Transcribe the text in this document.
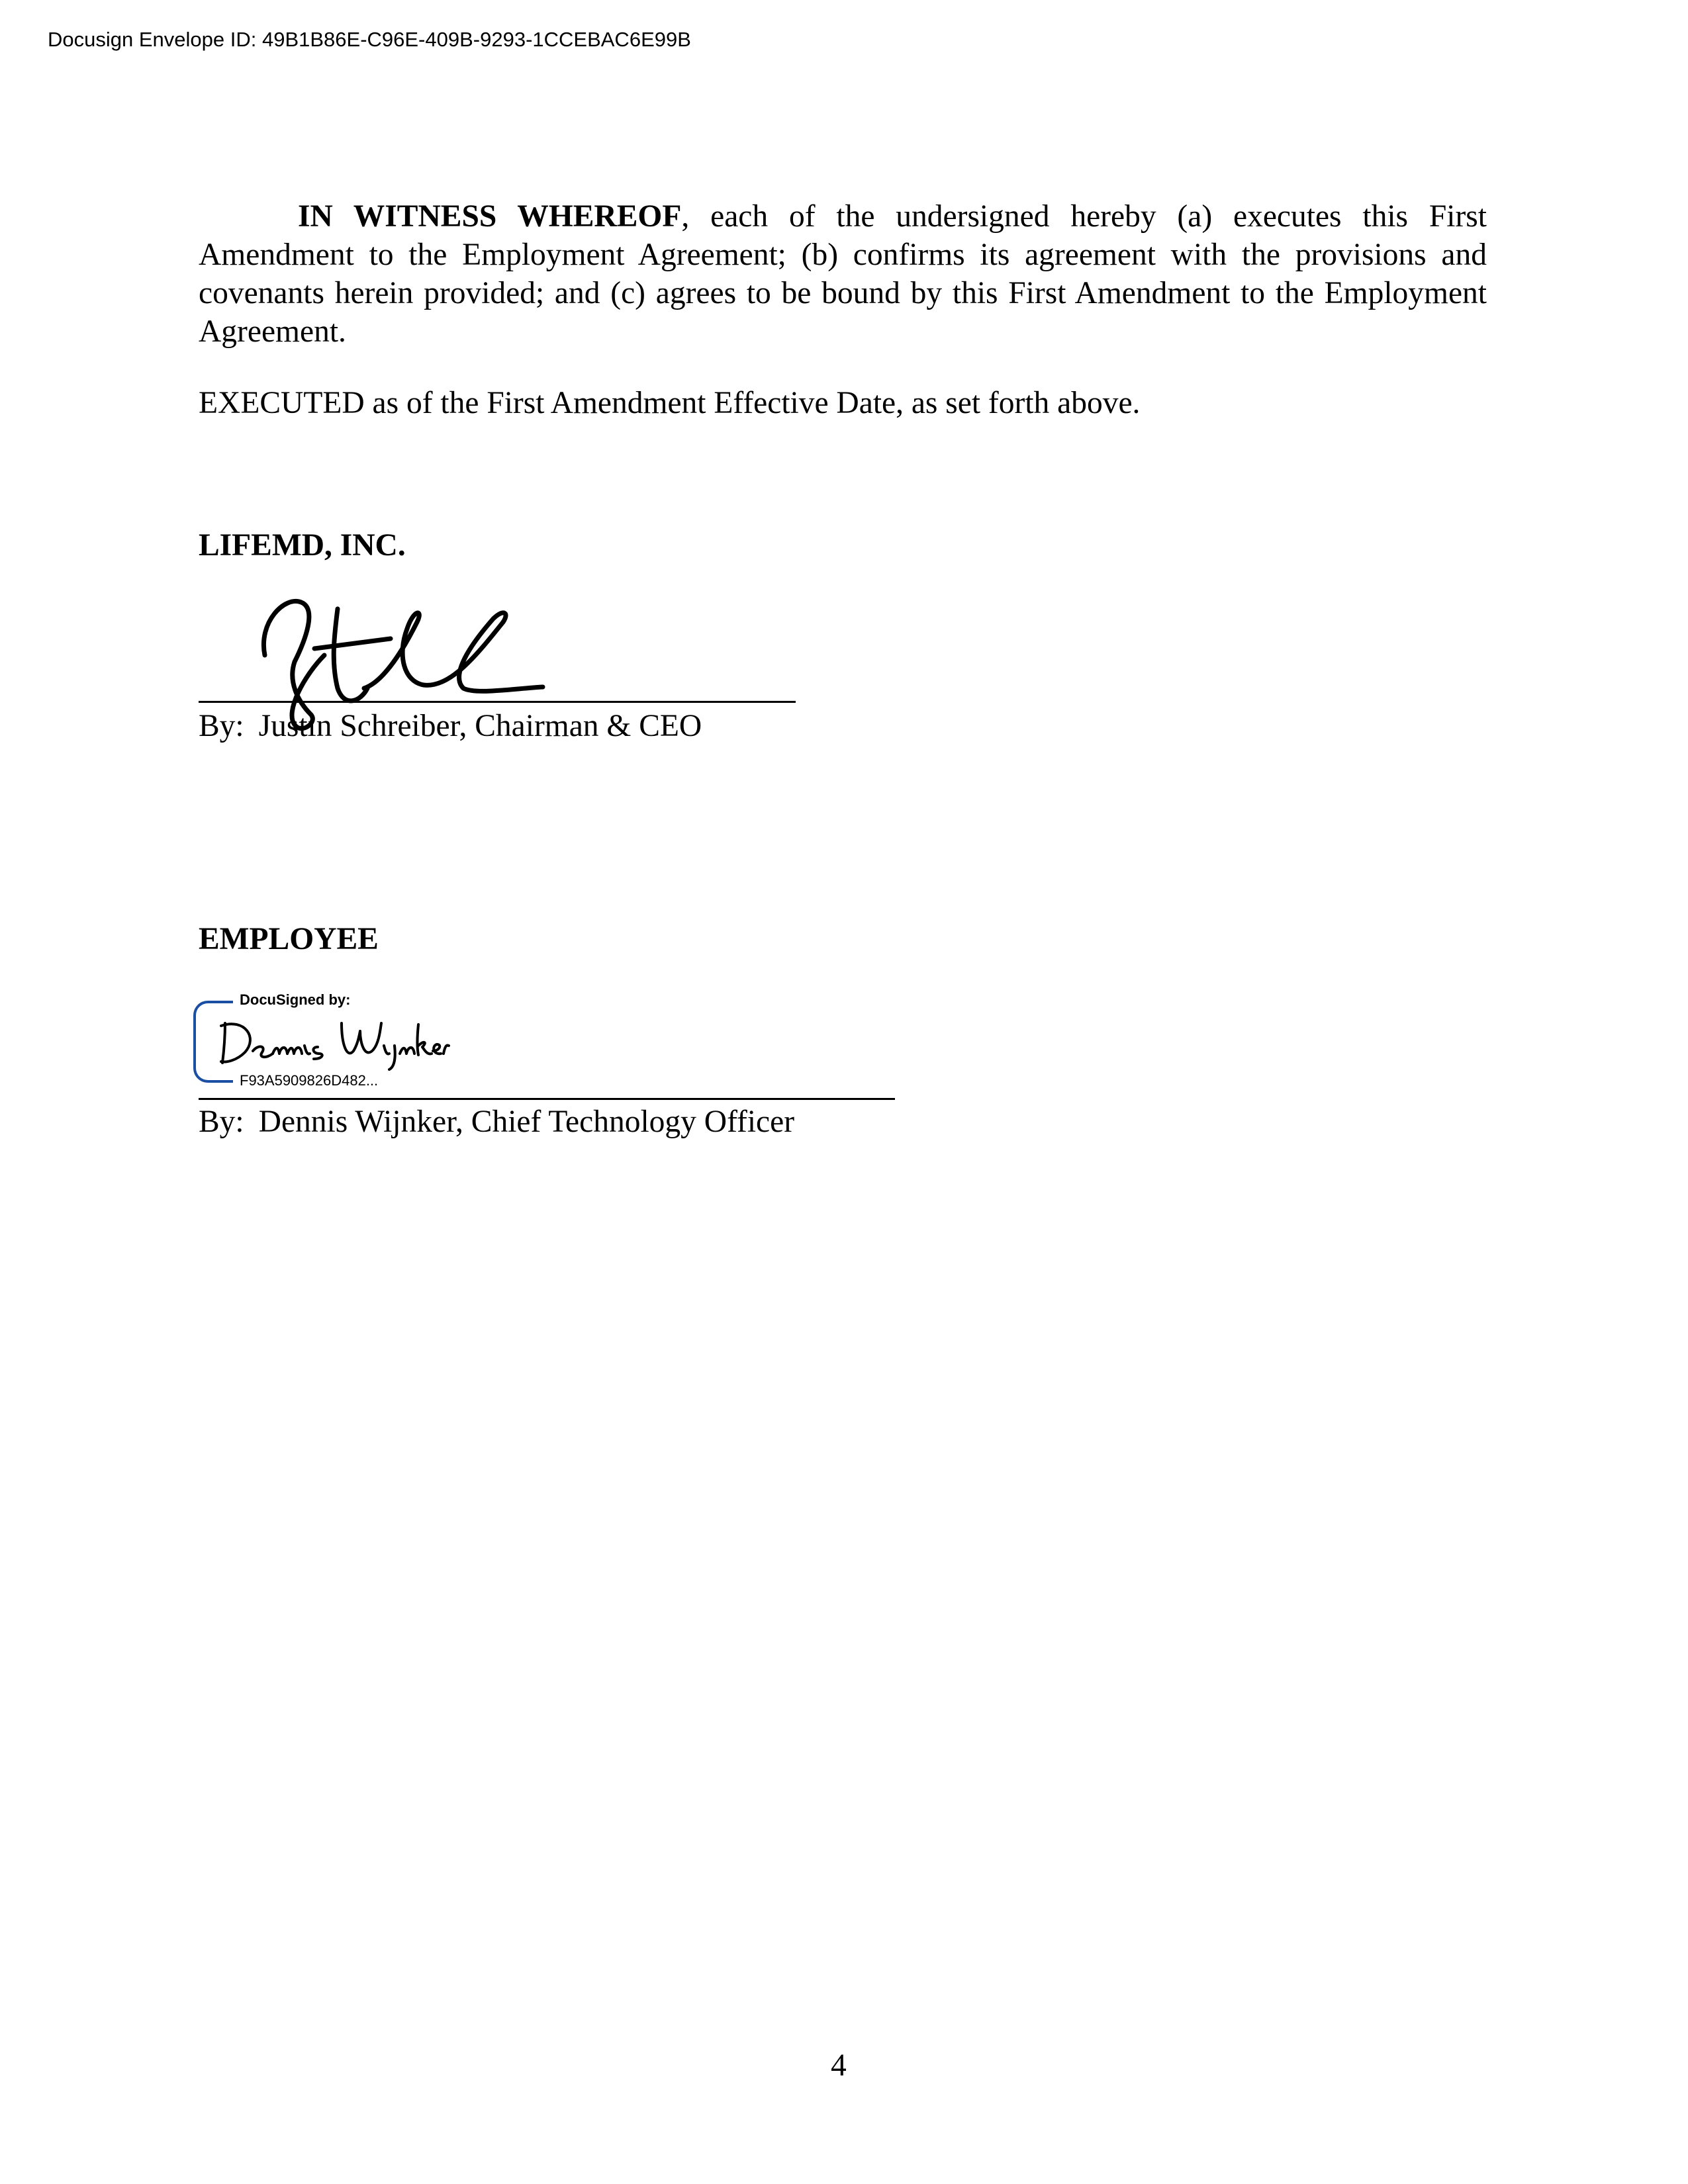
Docusign Envelope ID: 49B1B86E-C96E-409B-9293-1CCEBAC6E99B

IN WITNESS WHEREOF, each of the undersigned hereby (a) executes this First Amendment to the Employment Agreement; (b) confirms its agreement with the provisions and covenants herein provided; and (c) agrees to be bound by this First Amendment to the Employment Agreement.

EXECUTED as of the First Amendment Effective Date, as set forth above.

LIFEMD, INC.
By: Justin Schreiber, Chairman & CEO
EMPLOYEE
DocuSigned by:
F93A5909826D482...
By: Dennis Wijnker, Chief Technology Officer
4
